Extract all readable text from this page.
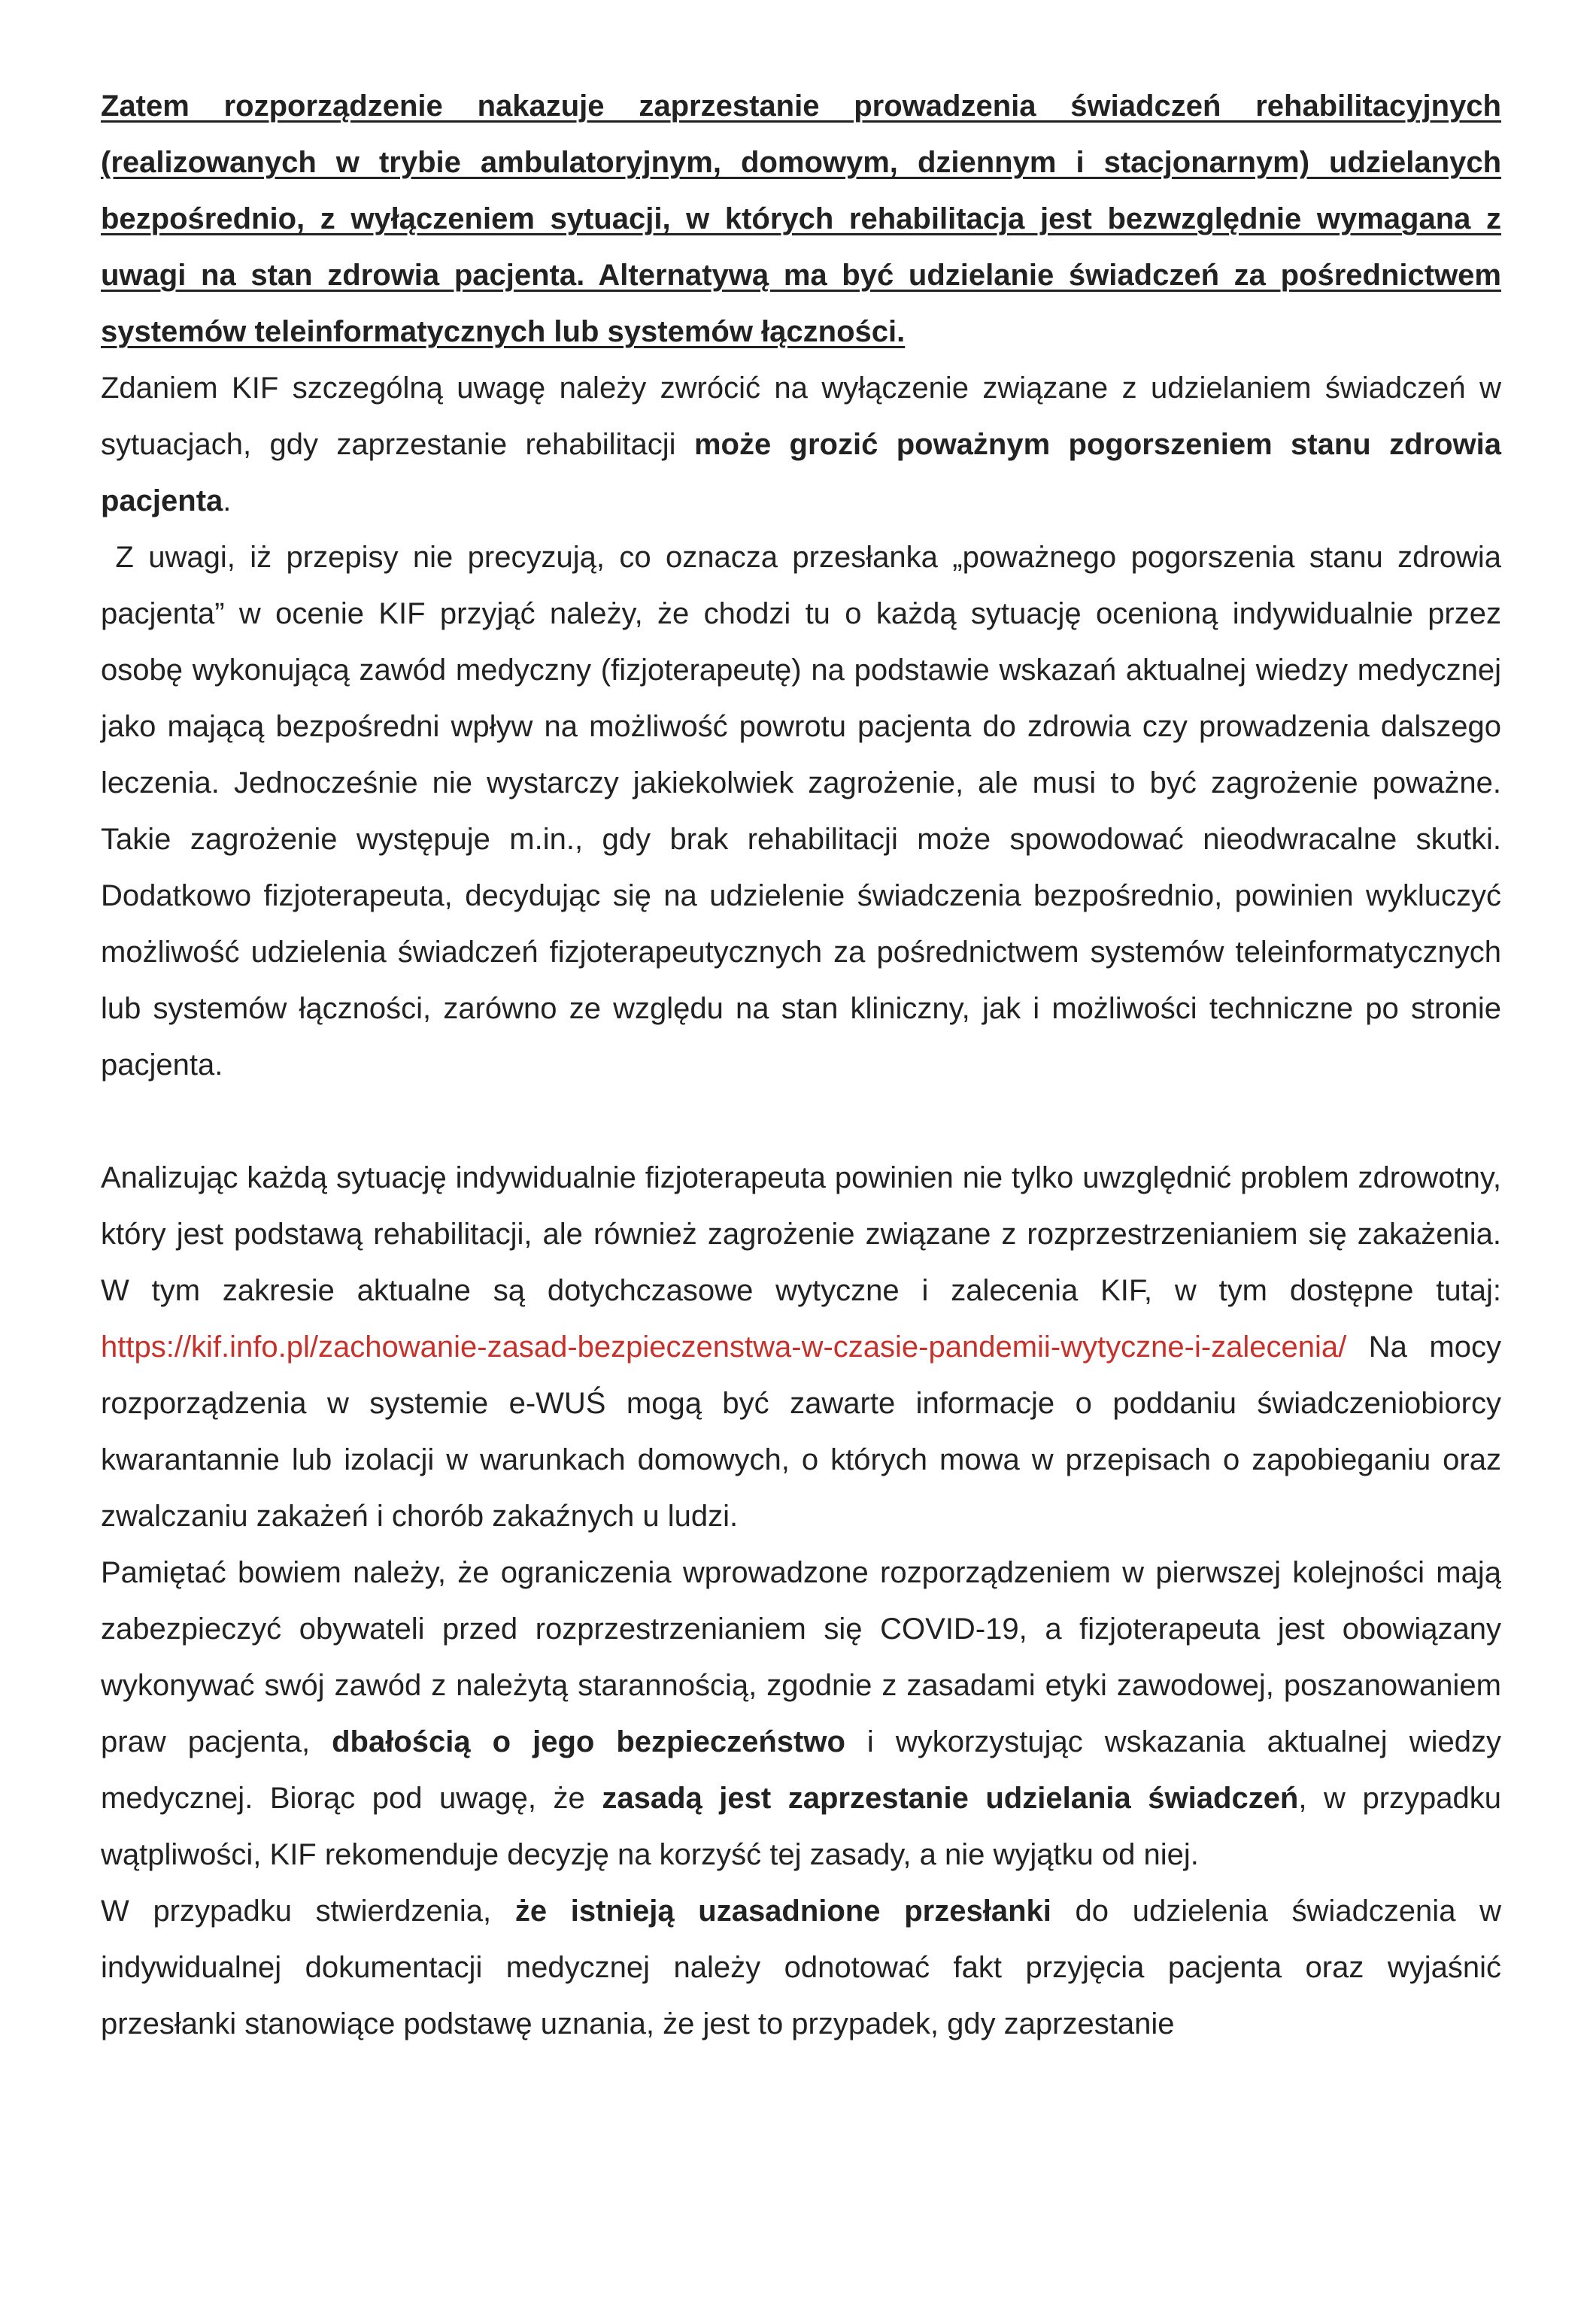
Zatem rozporządzenie nakazuje zaprzestanie prowadzenia świadczeń rehabilitacyjnych (realizowanych w trybie ambulatoryjnym, domowym, dziennym i stacjonarnym) udzielanych bezpośrednio, z wyłączeniem sytuacji, w których rehabilitacja jest bezwzględnie wymagana z uwagi na stan zdrowia pacjenta. Alternatywą ma być udzielanie świadczeń za pośrednictwem systemów teleinformatycznych lub systemów łączności.

Zdaniem KIF szczególną uwagę należy zwrócić na wyłączenie związane z udzielaniem świadczeń w sytuacjach, gdy zaprzestanie rehabilitacji może grozić poważnym pogorszeniem stanu zdrowia pacjenta.

Z uwagi, iż przepisy nie precyzują, co oznacza przesłanka „poważnego pogorszenia stanu zdrowia pacjenta” w ocenie KIF przyjąć należy, że chodzi tu o każdą sytuację ocenioną indywidualnie przez osobę wykonującą zawód medyczny (fizjoterapeutę) na podstawie wskazań aktualnej wiedzy medycznej jako mającą bezpośredni wpływ na możliwość powrotu pacjenta do zdrowia czy prowadzenia dalszego leczenia. Jednocześnie nie wystarczy jakiekolwiek zagrożenie, ale musi to być zagrożenie poważne. Takie zagrożenie występuje m.in., gdy brak rehabilitacji może spowodować nieodwracalne skutki. Dodatkowo fizjoterapeuta, decydując się na udzielenie świadczenia bezpośrednio, powinien wykluczyć możliwość udzielenia świadczeń fizjoterapeutycznych za pośrednictwem systemów teleinformatycznych lub systemów łączności, zarówno ze względu na stan kliniczny, jak i możliwości techniczne po stronie pacjenta.

Analizując każdą sytuację indywidualnie fizjoterapeuta powinien nie tylko uwzględnić problem zdrowotny, który jest podstawą rehabilitacji, ale również zagrożenie związane z rozprzestrzenianiem się zakażenia. W tym zakresie aktualne są dotychczasowe wytyczne i zalecenia KIF, w tym dostępne tutaj: https://kif.info.pl/zachowanie-zasad-bezpieczenstwa-w-czasie-pandemii-wytyczne-i-zalecenia/ Na mocy rozporządzenia w systemie e-WUŚ mogą być zawarte informacje o poddaniu świadczeniobiorcy kwarantannie lub izolacji w warunkach domowych, o których mowa w przepisach o zapobieganiu oraz zwalczaniu zakażeń i chorób zakaźnych u ludzi.

Pamiętać bowiem należy, że ograniczenia wprowadzone rozporządzeniem w pierwszej kolejności mają zabezpieczyć obywateli przed rozprzestrzenianiem się COVID-19, a fizjoterapeuta jest obowiązany wykonywać swój zawód z należytą starannością, zgodnie z zasadami etyki zawodowej, poszanowaniem praw pacjenta, dbałością o jego bezpieczeństwo i wykorzystując wskazania aktualnej wiedzy medycznej. Biorąc pod uwagę, że zasadą jest zaprzestanie udzielania świadczeń, w przypadku wątpliwości, KIF rekomenduje decyzję na korzyść tej zasady, a nie wyjątku od niej.

W przypadku stwierdzenia, że istnieją uzasadnione przesłanki do udzielenia świadczenia w indywidualnej dokumentacji medycznej należy odnotować fakt przyjęcia pacjenta oraz wyjaśnić przesłanki stanowiące podstawę uznania, że jest to przypadek, gdy zaprzestanie
